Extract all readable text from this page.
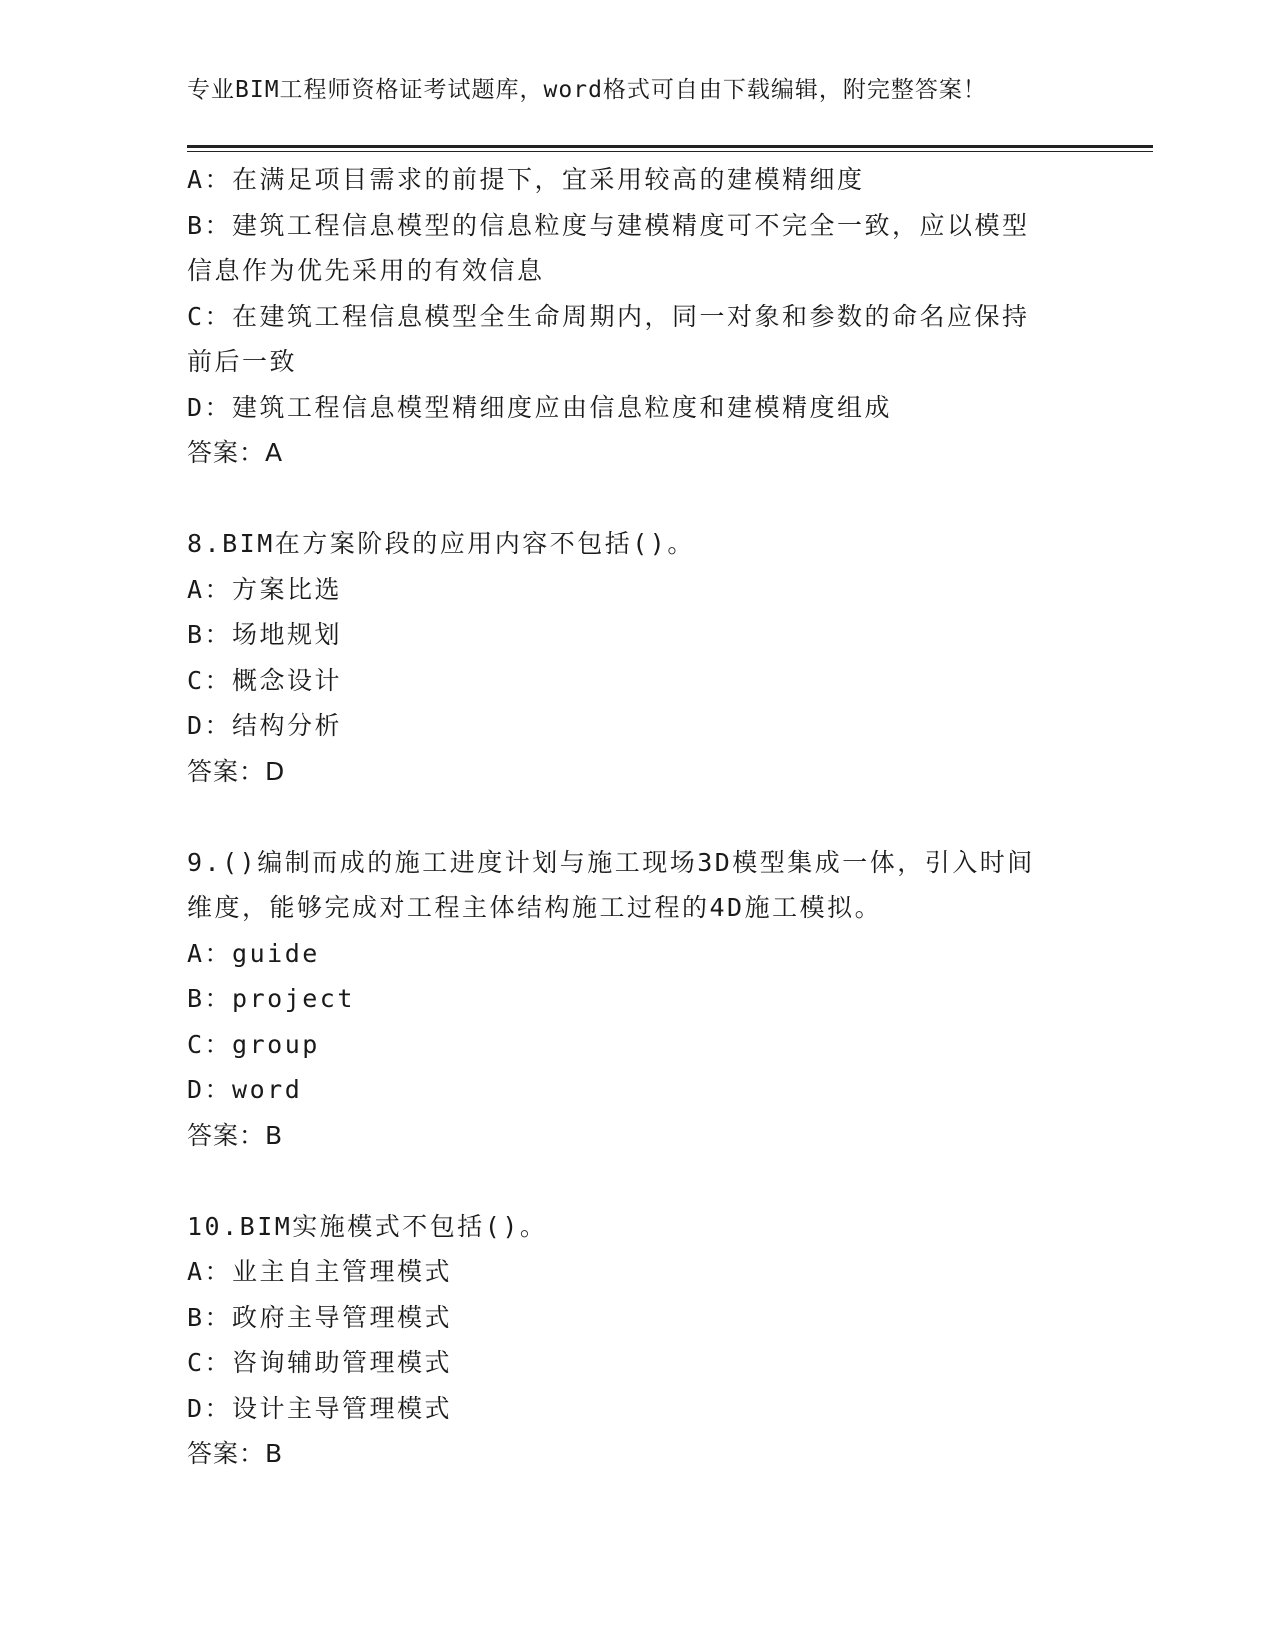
专业BIM工程师资格证考试题库，word格式可自由下载编辑，附完整答案！
A：在满足项目需求的前提下，宜采用较高的建模精细度
B：建筑工程信息模型的信息粒度与建模精度可不完全一致，应以模型
信息作为优先采用的有效信息
C：在建筑工程信息模型全生命周期内，同一对象和参数的命名应保持
前后一致
D：建筑工程信息模型精细度应由信息粒度和建模精度组成
答案：A
8.BIM在方案阶段的应用内容不包括()。
A：方案比选
B：场地规划
C：概念设计
D：结构分析
答案：D
9.()编制而成的施工进度计划与施工现场3D模型集成一体，引入时间
维度，能够完成对工程主体结构施工过程的4D施工模拟。
A：guide
B：project
C：group
D：word
答案：B
10.BIM实施模式不包括()。
A：业主自主管理模式
B：政府主导管理模式
C：咨询辅助管理模式
D：设计主导管理模式
答案：B
